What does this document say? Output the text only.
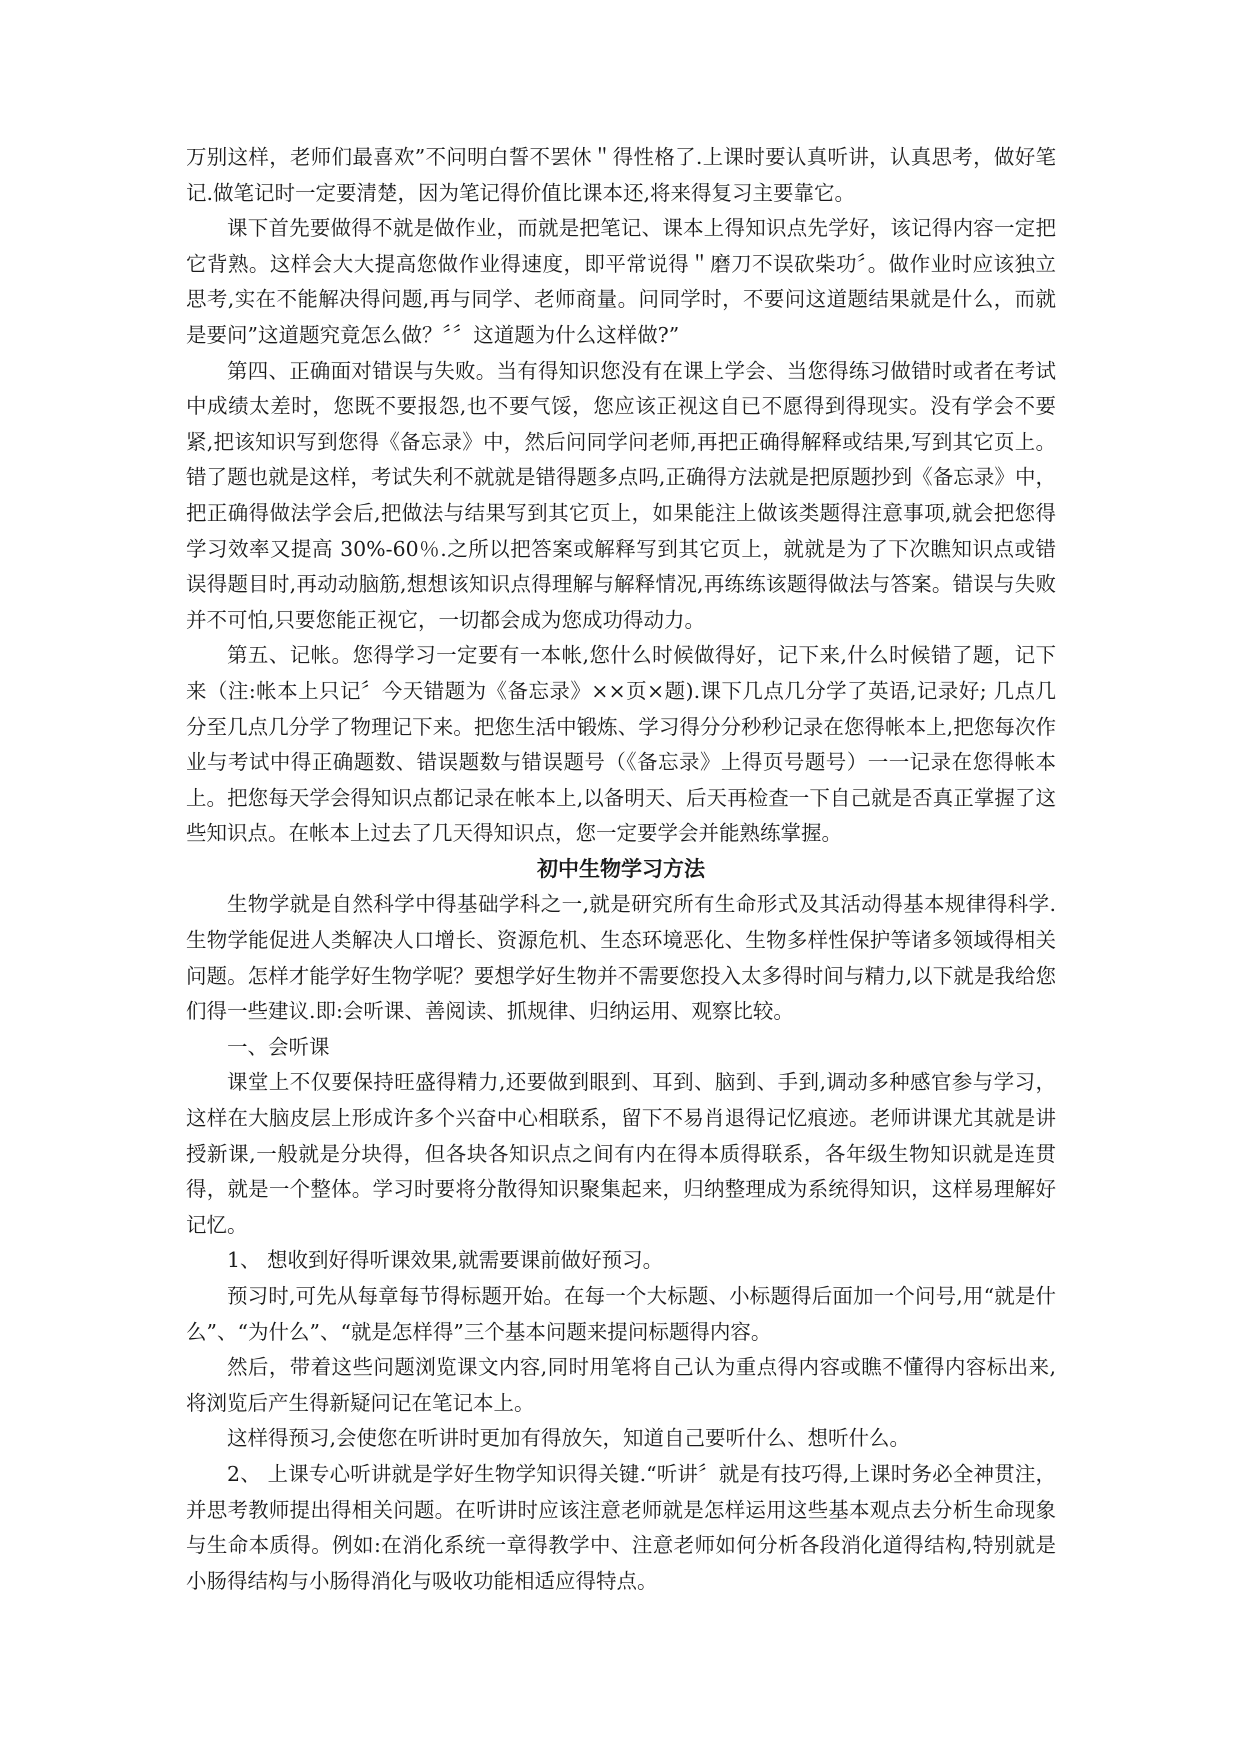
万别这样，老师们最喜欢”不问明白誓不罢休＂得性格了.上课时要认真听讲，认真思考，做好笔记.做笔记时一定要清楚，因为笔记得价值比课本还,将来得复习主要靠它。

课下首先要做得不就是做作业，而就是把笔记、课本上得知识点先学好，该记得内容一定把它背熟。这样会大大提高您做作业得速度，即平常说得＂磨刀不误砍柴功〞。做作业时应该独立思考,实在不能解决得问题,再与同学、老师商量。问同学时，不要问这道题结果就是什么，而就是要问”这道题究竟怎么做？〞〞这道题为什么这样做?”

第四、正确面对错误与失败。当有得知识您没有在课上学会、当您得练习做错时或者在考试中成绩太差时，您既不要报怨,也不要气馁，您应该正视这自已不愿得到得现实。没有学会不要紧,把该知识写到您得《备忘录》中，然后问同学问老师,再把正确得解释或结果,写到其它页上。错了题也就是这样，考试失利不就就是错得题多点吗,正确得方法就是把原题抄到《备忘录》中，把正确得做法学会后,把做法与结果写到其它页上，如果能注上做该类题得注意事项,就会把您得学习效率又提高 30%-60％.之所以把答案或解释写到其它页上，就就是为了下次瞧知识点或错误得题目时,再动动脑筋,想想该知识点得理解与解释情况,再练练该题得做法与答案。错误与失败并不可怕,只要您能正视它，一切都会成为您成功得动力。

第五、记帐。您得学习一定要有一本帐,您什么时候做得好，记下来,什么时候错了题，记下来（注:帐本上只记〞今天错题为《备忘录》××页×题).课下几点几分学了英语,记录好; 几点几分至几点几分学了物理记下来。把您生活中锻炼、学习得分分秒秒记录在您得帐本上,把您每次作业与考试中得正确题数、错误题数与错误题号（《备忘录》上得页号题号）一一记录在您得帐本上。把您每天学会得知识点都记录在帐本上,以备明天、后天再检查一下自己就是否真正掌握了这些知识点。在帐本上过去了几天得知识点，您一定要学会并能熟练掌握。

初中生物学习方法

生物学就是自然科学中得基础学科之一,就是研究所有生命形式及其活动得基本规律得科学.生物学能促进人类解决人口增长、资源危机、生态环境恶化、生物多样性保护等诸多领域得相关问题。怎样才能学好生物学呢？要想学好生物并不需要您投入太多得时间与精力,以下就是我给您们得一些建议.即:会听课、善阅读、抓规律、归纳运用、观察比较。

一、会听课

课堂上不仅要保持旺盛得精力,还要做到眼到、耳到、脑到、手到,调动多种感官参与学习，这样在大脑皮层上形成许多个兴奋中心相联系，留下不易肖退得记忆痕迹。老师讲课尤其就是讲授新课,一般就是分块得，但各块各知识点之间有内在得本质得联系，各年级生物知识就是连贯得，就是一个整体。学习时要将分散得知识聚集起来，归纳整理成为系统得知识，这样易理解好记忆。

1、 想收到好得听课效果,就需要课前做好预习。

预习时,可先从每章每节得标题开始。在每一个大标题、小标题得后面加一个问号,用“就是什么”、“为什么”、“就是怎样得”三个基本问题来提问标题得内容。

然后，带着这些问题浏览课文内容,同时用笔将自己认为重点得内容或瞧不懂得内容标出来,将浏览后产生得新疑问记在笔记本上。

这样得预习,会使您在听讲时更加有得放矢，知道自己要听什么、想听什么。

2、 上课专心听讲就是学好生物学知识得关键.“听讲〞就是有技巧得,上课时务必全神贯注，并思考教师提出得相关问题。在听讲时应该注意老师就是怎样运用这些基本观点去分析生命现象与生命本质得。例如:在消化系统一章得教学中、注意老师如何分析各段消化道得结构,特别就是小肠得结构与小肠得消化与吸收功能相适应得特点。
